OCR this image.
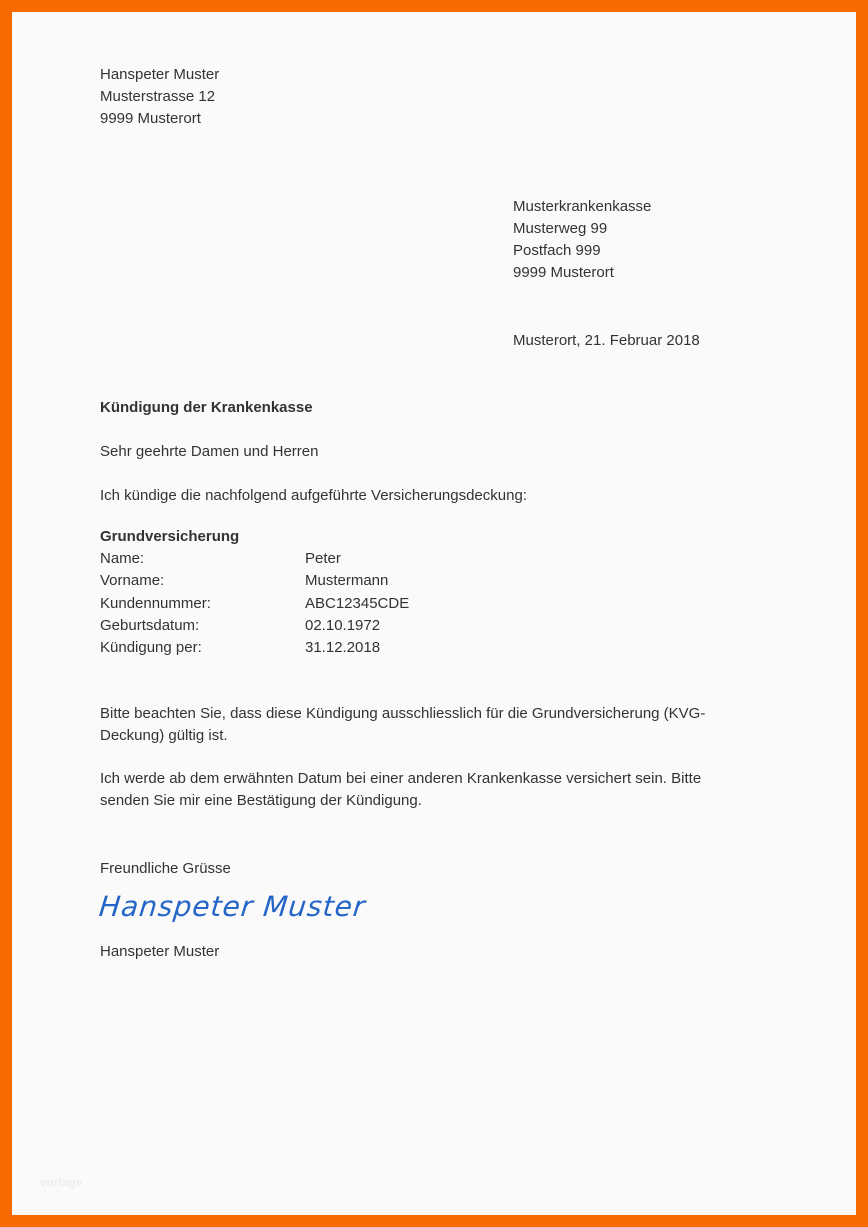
Hanspeter Muster
Musterstrasse 12
9999 Musterort
Musterkrankenkasse
Musterweg 99
Postfach 999
9999 Musterort
Musterort, 21. Februar 2018
Kündigung der Krankenkasse
Sehr geehrte Damen und Herren
Ich kündige die nachfolgend aufgeführte Versicherungsdeckung:
Grundversicherung
Name:	Peter
Vorname:	Mustermann
Kundennummer:	ABC12345CDE
Geburtsdatum:	02.10.1972
Kündigung per:	31.12.2018
Bitte beachten Sie, dass diese Kündigung ausschliesslich für die Grundversicherung (KVG-Deckung) gültig ist.
Ich werde ab dem erwähnten Datum bei einer anderen Krankenkasse versichert sein. Bitte senden Sie mir eine Bestätigung der Kündigung.
Freundliche Grüsse
Hanspeter Muster
Hanspeter Muster
vorlage
